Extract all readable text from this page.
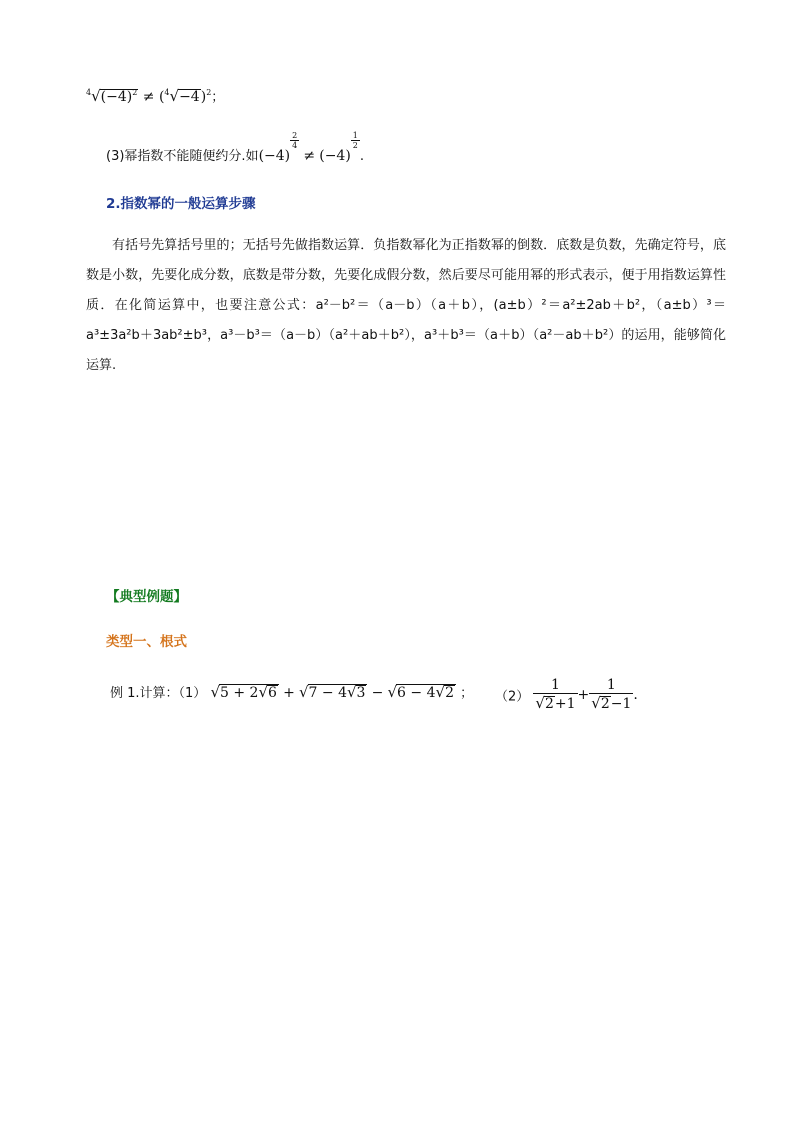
$^4√(-4)^2 \ne (^4√-4)^2$；
(3)幂指数不能随便约分.如(−4)
$\frac{2}{4}$
≠ (−4)
$\frac{1}{2}$
.
2.指数幂的一般运算步骤
有括号先算括号里的；无括号先做指数运算．负指数幂化为正指数幂的倒数．底数是负数，先确定符号，底数是小数，先要化成分数，底数是带分数，先要化成假分数，然后要尽可能用幂的形式表示，便于用指数运算性质．在化简运算中，也要注意公式：a²－b²＝（a－b）（a＋b），(a±b）²＝a²±2ab＋b²，（a±b）³＝a³±3a²b＋3ab²±b³，a³－b³＝（a－b）（a²＋ab＋b²），a³＋b³＝（a＋b）（a²－ab＋b²）的运用，能够简化运算.
【典型例题】
类型一、根式
例 1.计算：（1） √5 + 2√6 + √7 − 4√3 − √6 − 4√2 ； $(2) \frac{1}{√2+1} + \frac{1}{√2-1}$ .
